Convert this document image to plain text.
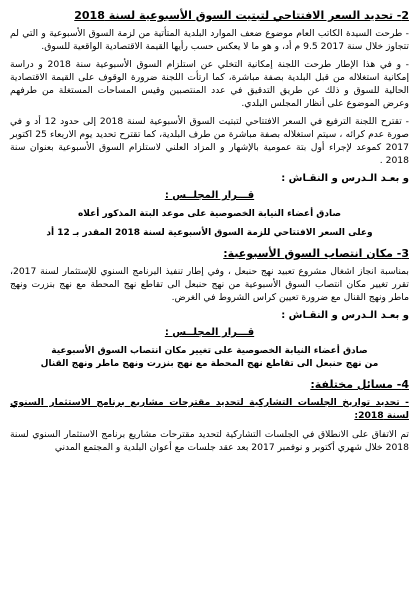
2- تحديد السعر الافتتاحي لتبتيت السوق الأسبوعية لسنة 2018

- طرحت السيدة الكاتب العام موضوع ضعف الموارد البلدية المتأتية من لزمة السوق الأسبوعية و التي لم تتجاوز خلال سنة 2017 9.5 م أد، و هو ما لا يعكس حسب رأيها القيمة الاقتصادية الواقعية للسوق.

- و في هذا الإطار طرحت اللجنة إمكانية التخلي عن استلزام السوق الأسبوعية سنة 2018 و دراسة إمكانية استغلاله من قبل البلدية بصفة مباشرة، كما ارتأت اللجنة ضرورة الوقوف على القيمة الاقتصادية الحالية للسوق و ذلك عن طريق التدقيق في عدد المنتصبين وقيس المساحات المستغلة من طرفهم وعرض الموضوع على أنظار المجلس البلدي.

- تقترح اللجنة الترفيع في السعر الافتتاحي لتبتيت السوق الأسبوعية لسنة 2018 إلى حدود 12 أد و في صورة عدم كرائه ، سيتم استغلاله بصفة مباشرة من طرف البلدية، كما تقترح تحديد يوم الاربعاء 25 اكتوبر 2017 كموعد لإجراء أول بتة عمومية بالإشهار و المزاد العلني لاستلزام السوق الأسبوعية بعنوان سنة 2018 .

و بعـد الـدرس و النقـاش :
قـــرار المجلــس :
صادق أعضاء النيابة الخصوصية على موعد البتة المذكور أعلاه
وعلى السعر الافتتاحي للزمة السوق الأسبوعية لسنة 2018 المقدر بـ 12 أد
3- مكان انتصاب السوق الأسبوعية:

بمناسبة انجاز اشغال مشروع تعبيد نهج حنبعل ، وفي إطار تنفيذ البرنامج السنوي للإستثمار لسنة 2017، تقرر تغيير مكان انتصاب السوق الأسبوعية من نهج حنبعل الى تقاطع نهج المحطة مع نهج بنزرت ونهج ماطر ونهج القنال مع ضرورة تعيين كراس الشروط في الغرض.

و بعـد الـدرس و النقـاش :
قـــرار المجلــس :
صادق أعضاء النيابة الخصوصية على تغيير مكان انتصاب السوق الأسبوعية
من نهج حنبعل الى تقاطع نهج المحطة مع نهج بنزرت ونهج ماطر ونهج القنال
4- مسائل مختلفة:
- تحديد تواريخ الجلسات التشاركية لتحديد مقترحات مشاريع برنامج الاستثمار السنوي لسنة 2018:

تم الاتفاق على الانطلاق في الجلسات التشاركية لتحديد مقترحات مشاريع برنامج الاستثمار السنوي لسنة 2018 خلال شهري أكتوبر و نوفمبر 2017 بعد عقد جلسات مع أعوان البلدية و المجتمع المدني
